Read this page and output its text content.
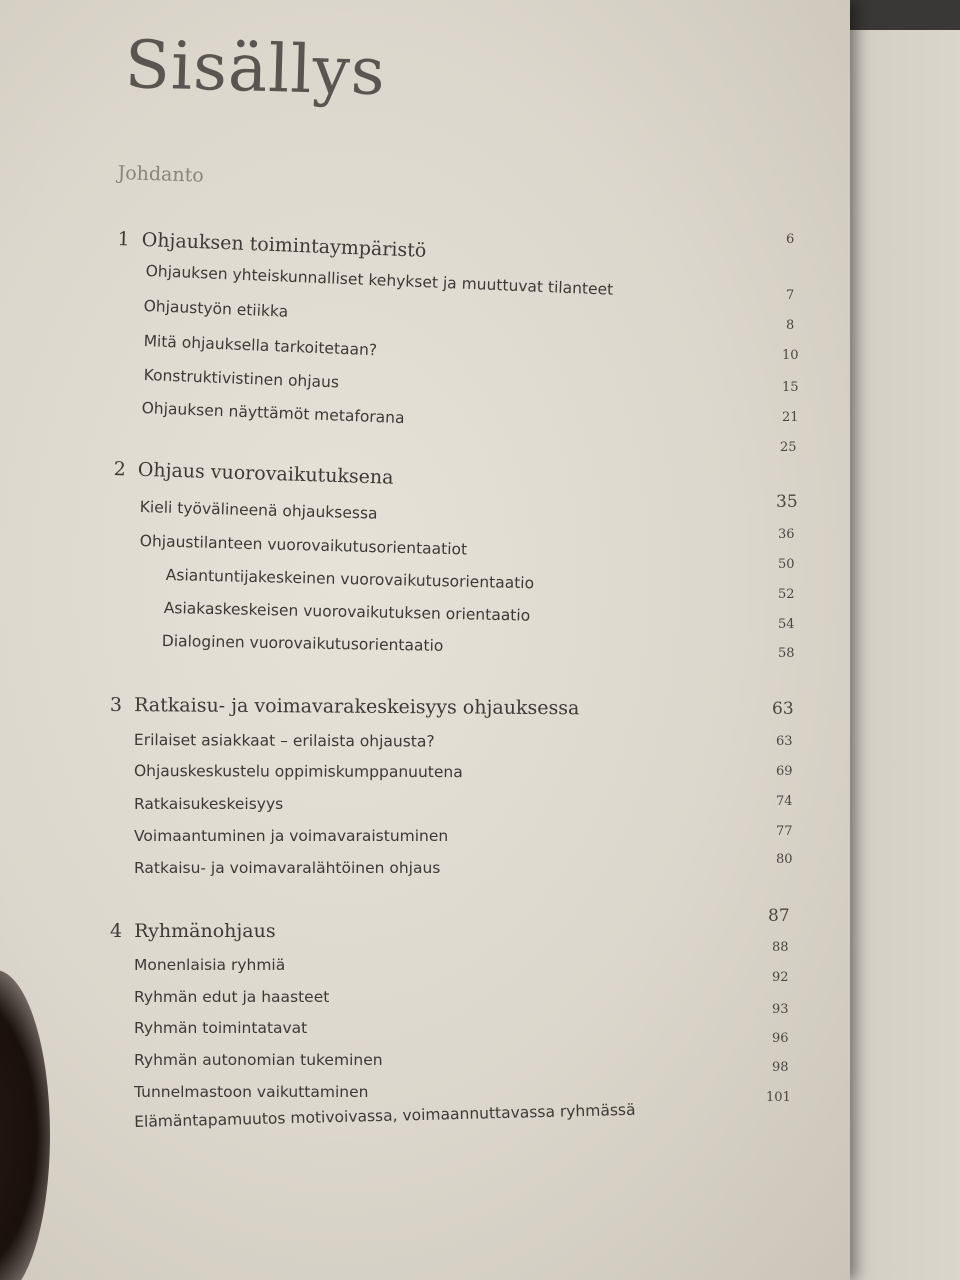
Sisällys
Johdanto
1 Ohjauksen toimintaympäristö
Ohjauksen yhteiskunnalliset kehykset ja muuttuvat tilanteet
Ohjaustyön etiikka
Mitä ohjauksella tarkoitetaan?
Konstruktivistinen ohjaus
Ohjauksen näyttämöt metaforana
2 Ohjaus vuorovaikutuksena
Kieli työvälineenä ohjauksessa
Ohjaustilanteen vuorovaikutusorientaatiot
Asiantuntijakeskeinen vuorovaikutusorientaatio
Asiakaskeskeisen vuorovaikutuksen orientaatio
Dialoginen vuorovaikutusorientaatio
3 Ratkaisu- ja voimavarakeskeisyys ohjauksessa
Erilaiset asiakkaat – erilaista ohjausta?
Ohjauskeskustelu oppimiskumppanuutena
Ratkaisukeskeisyys
Voimaantuminen ja voimavaraistuminen
Ratkaisu- ja voimavaralähtöinen ohjaus
4 Ryhmänohjaus
Monenlaisia ryhmiä
Ryhmän edut ja haasteet
Ryhmän toimintatavat
Ryhmän autonomian tukeminen
Tunnelmastoon vaikuttaminen
Elämäntapamuutos motivoivassa, voimaannuttavassa ryhmässä
6
7
8
10
15
21
25
35
36
50
52
54
58
63
63
69
74
77
80
87
88
92
93
96
98
101
